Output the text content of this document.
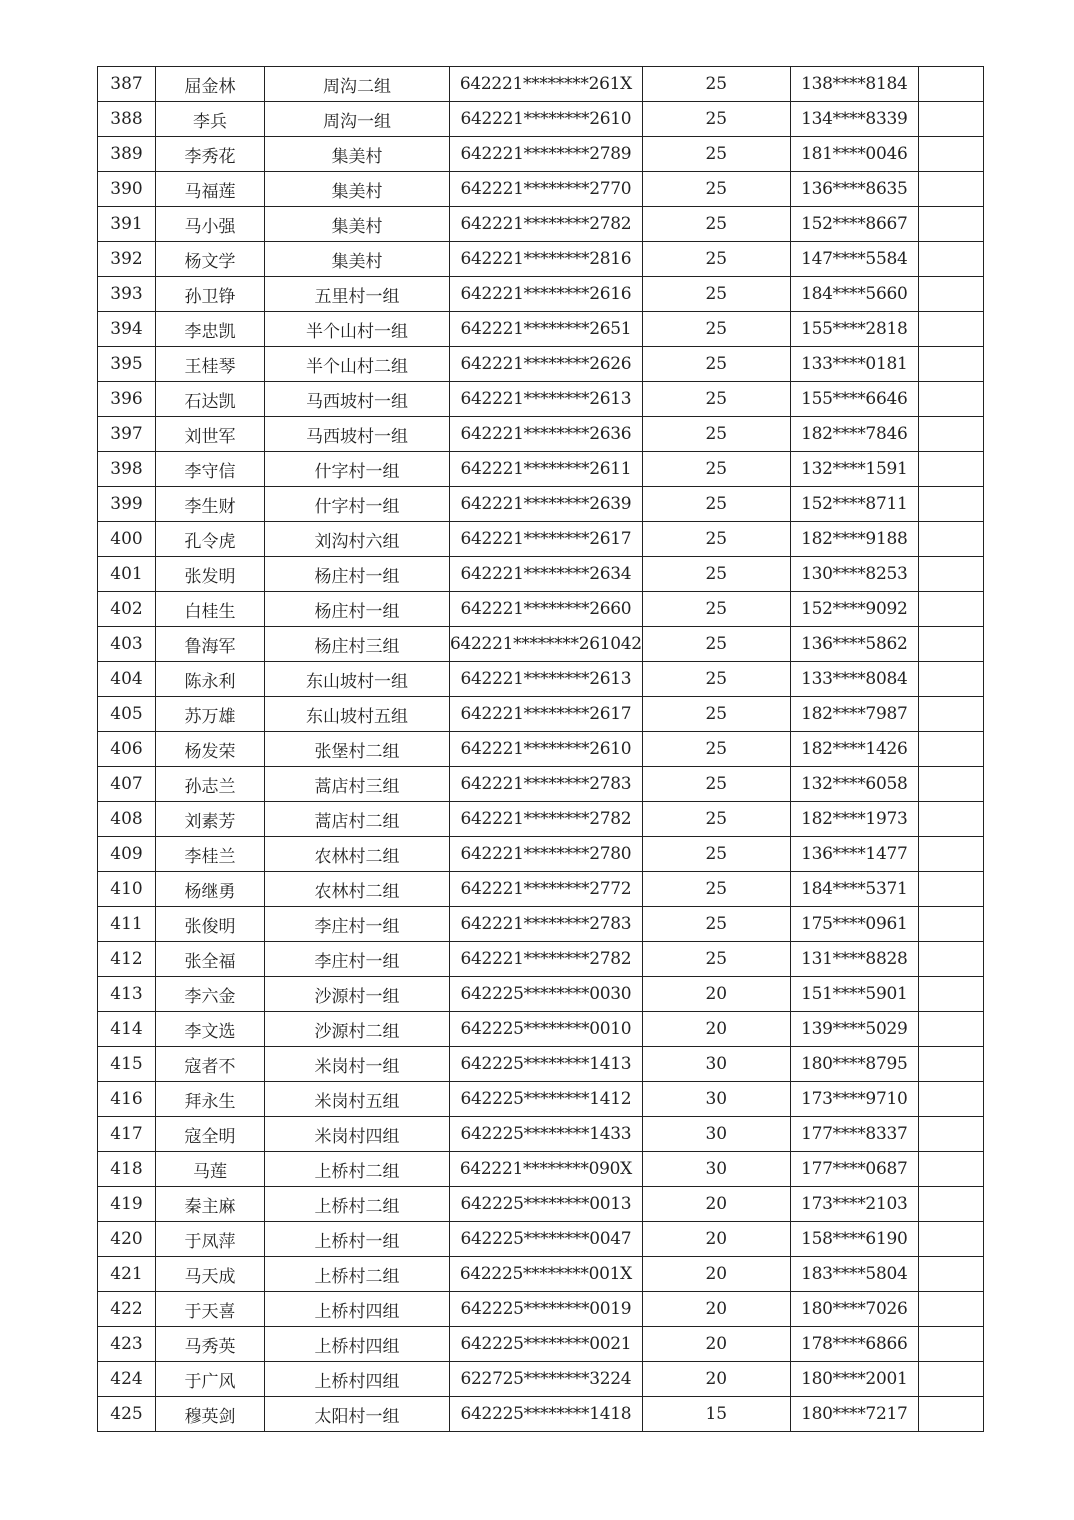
387	屈金林	周沟二组	642221********261X	25	138****8184	
388	李兵	周沟一组	642221********2610	25	134****8339	
389	李秀花	集美村	642221********2789	25	181****0046	
390	马福莲	集美村	642221********2770	25	136****8635	
391	马小强	集美村	642221********2782	25	152****8667	
392	杨文学	集美村	642221********2816	25	147****5584	
393	孙卫铮	五里村一组	642221********2616	25	184****5660	
394	李忠凯	半个山村一组	642221********2651	25	155****2818	
395	王桂琴	半个山村二组	642221********2626	25	133****0181	
396	石达凯	马西坡村一组	642221********2613	25	155****6646	
397	刘世军	马西坡村一组	642221********2636	25	182****7846	
398	李守信	什字村一组	642221********2611	25	132****1591	
399	李生财	什字村一组	642221********2639	25	152****8711	
400	孔令虎	刘沟村六组	642221********2617	25	182****9188	
401	张发明	杨庄村一组	642221********2634	25	130****8253	
402	白桂生	杨庄村一组	642221********2660	25	152****9092	
403	鲁海军	杨庄村三组	642221********261042	25	136****5862	
404	陈永利	东山坡村一组	642221********2613	25	133****8084	
405	苏万雄	东山坡村五组	642221********2617	25	182****7987	
406	杨发荣	张堡村二组	642221********2610	25	182****1426	
407	孙志兰	蒿店村三组	642221********2783	25	132****6058	
408	刘素芳	蒿店村二组	642221********2782	25	182****1973	
409	李桂兰	农林村二组	642221********2780	25	136****1477	
410	杨继勇	农林村二组	642221********2772	25	184****5371	
411	张俊明	李庄村一组	642221********2783	25	175****0961	
412	张全福	李庄村一组	642221********2782	25	131****8828	
413	李六金	沙源村一组	642225********0030	20	151****5901	
414	李文选	沙源村二组	642225********0010	20	139****5029	
415	寇者不	米岗村一组	642225********1413	30	180****8795	
416	拜永生	米岗村五组	642225********1412	30	173****9710	
417	寇全明	米岗村四组	642225********1433	30	177****8337	
418	马莲	上桥村二组	642221********090X	30	177****0687	
419	秦主麻	上桥村二组	642225********0013	20	173****2103	
420	于凤萍	上桥村一组	642225********0047	20	158****6190	
421	马天成	上桥村二组	642225********001X	20	183****5804	
422	于天喜	上桥村四组	642225********0019	20	180****7026	
423	马秀英	上桥村四组	642225********0021	20	178****6866	
424	于广风	上桥村四组	622725********3224	20	180****2001	
425	穆英剑	太阳村一组	642225********1418	15	180****7217	
